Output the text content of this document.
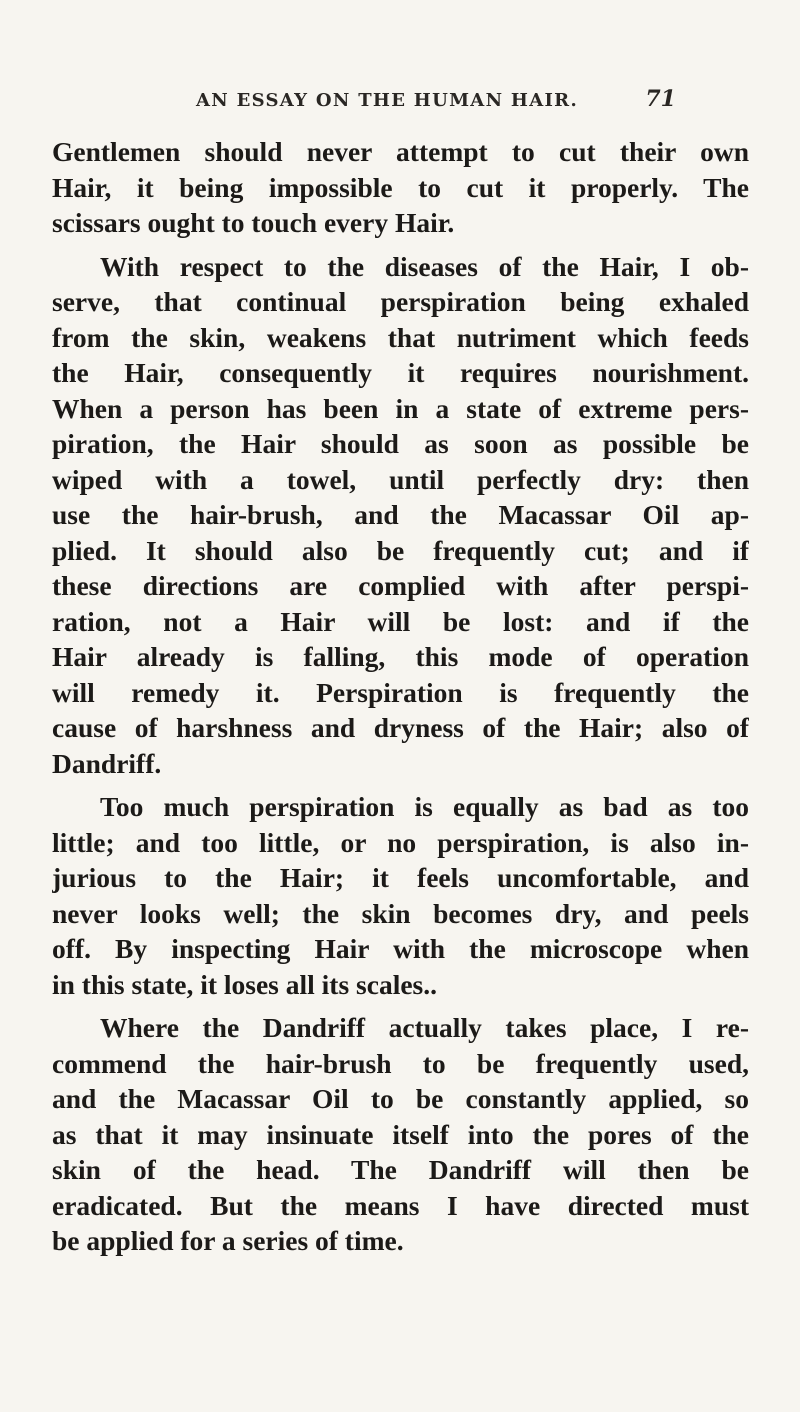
AN ESSAY ON THE HUMAN HAIR.	71
Gentlemen should never attempt to cut their own
Hair, it being impossible to cut it properly. The
scissars ought to touch every Hair.
With respect to the diseases of the Hair, I ob-
serve, that continual perspiration being exhaled
from the skin, weakens that nutriment which feeds
the Hair, consequently it requires nourishment.
When a person has been in a state of extreme pers-
piration, the Hair should as soon as possible be
wiped with a towel, until perfectly dry: then
use the hair-brush, and the Macassar Oil ap-
plied. It should also be frequently cut; and if
these directions are complied with after perspi-
ration, not a Hair will be lost: and if the
Hair already is falling, this mode of operation
will remedy it. Perspiration is frequently the
cause of harshness and dryness of the Hair; also of
Dandriff.
Too much perspiration is equally as bad as too
little; and too little, or no perspiration, is also in-
jurious to the Hair; it feels uncomfortable, and
never looks well; the skin becomes dry, and peels
off. By inspecting Hair with the microscope when
in this state, it loses all its scales..
Where the Dandriff actually takes place, I re-
commend the hair-brush to be frequently used,
and the Macassar Oil to be constantly applied, so
as that it may insinuate itself into the pores of the
skin of the head. The Dandriff will then be
eradicated. But the means I have directed must
be applied for a series of time.
